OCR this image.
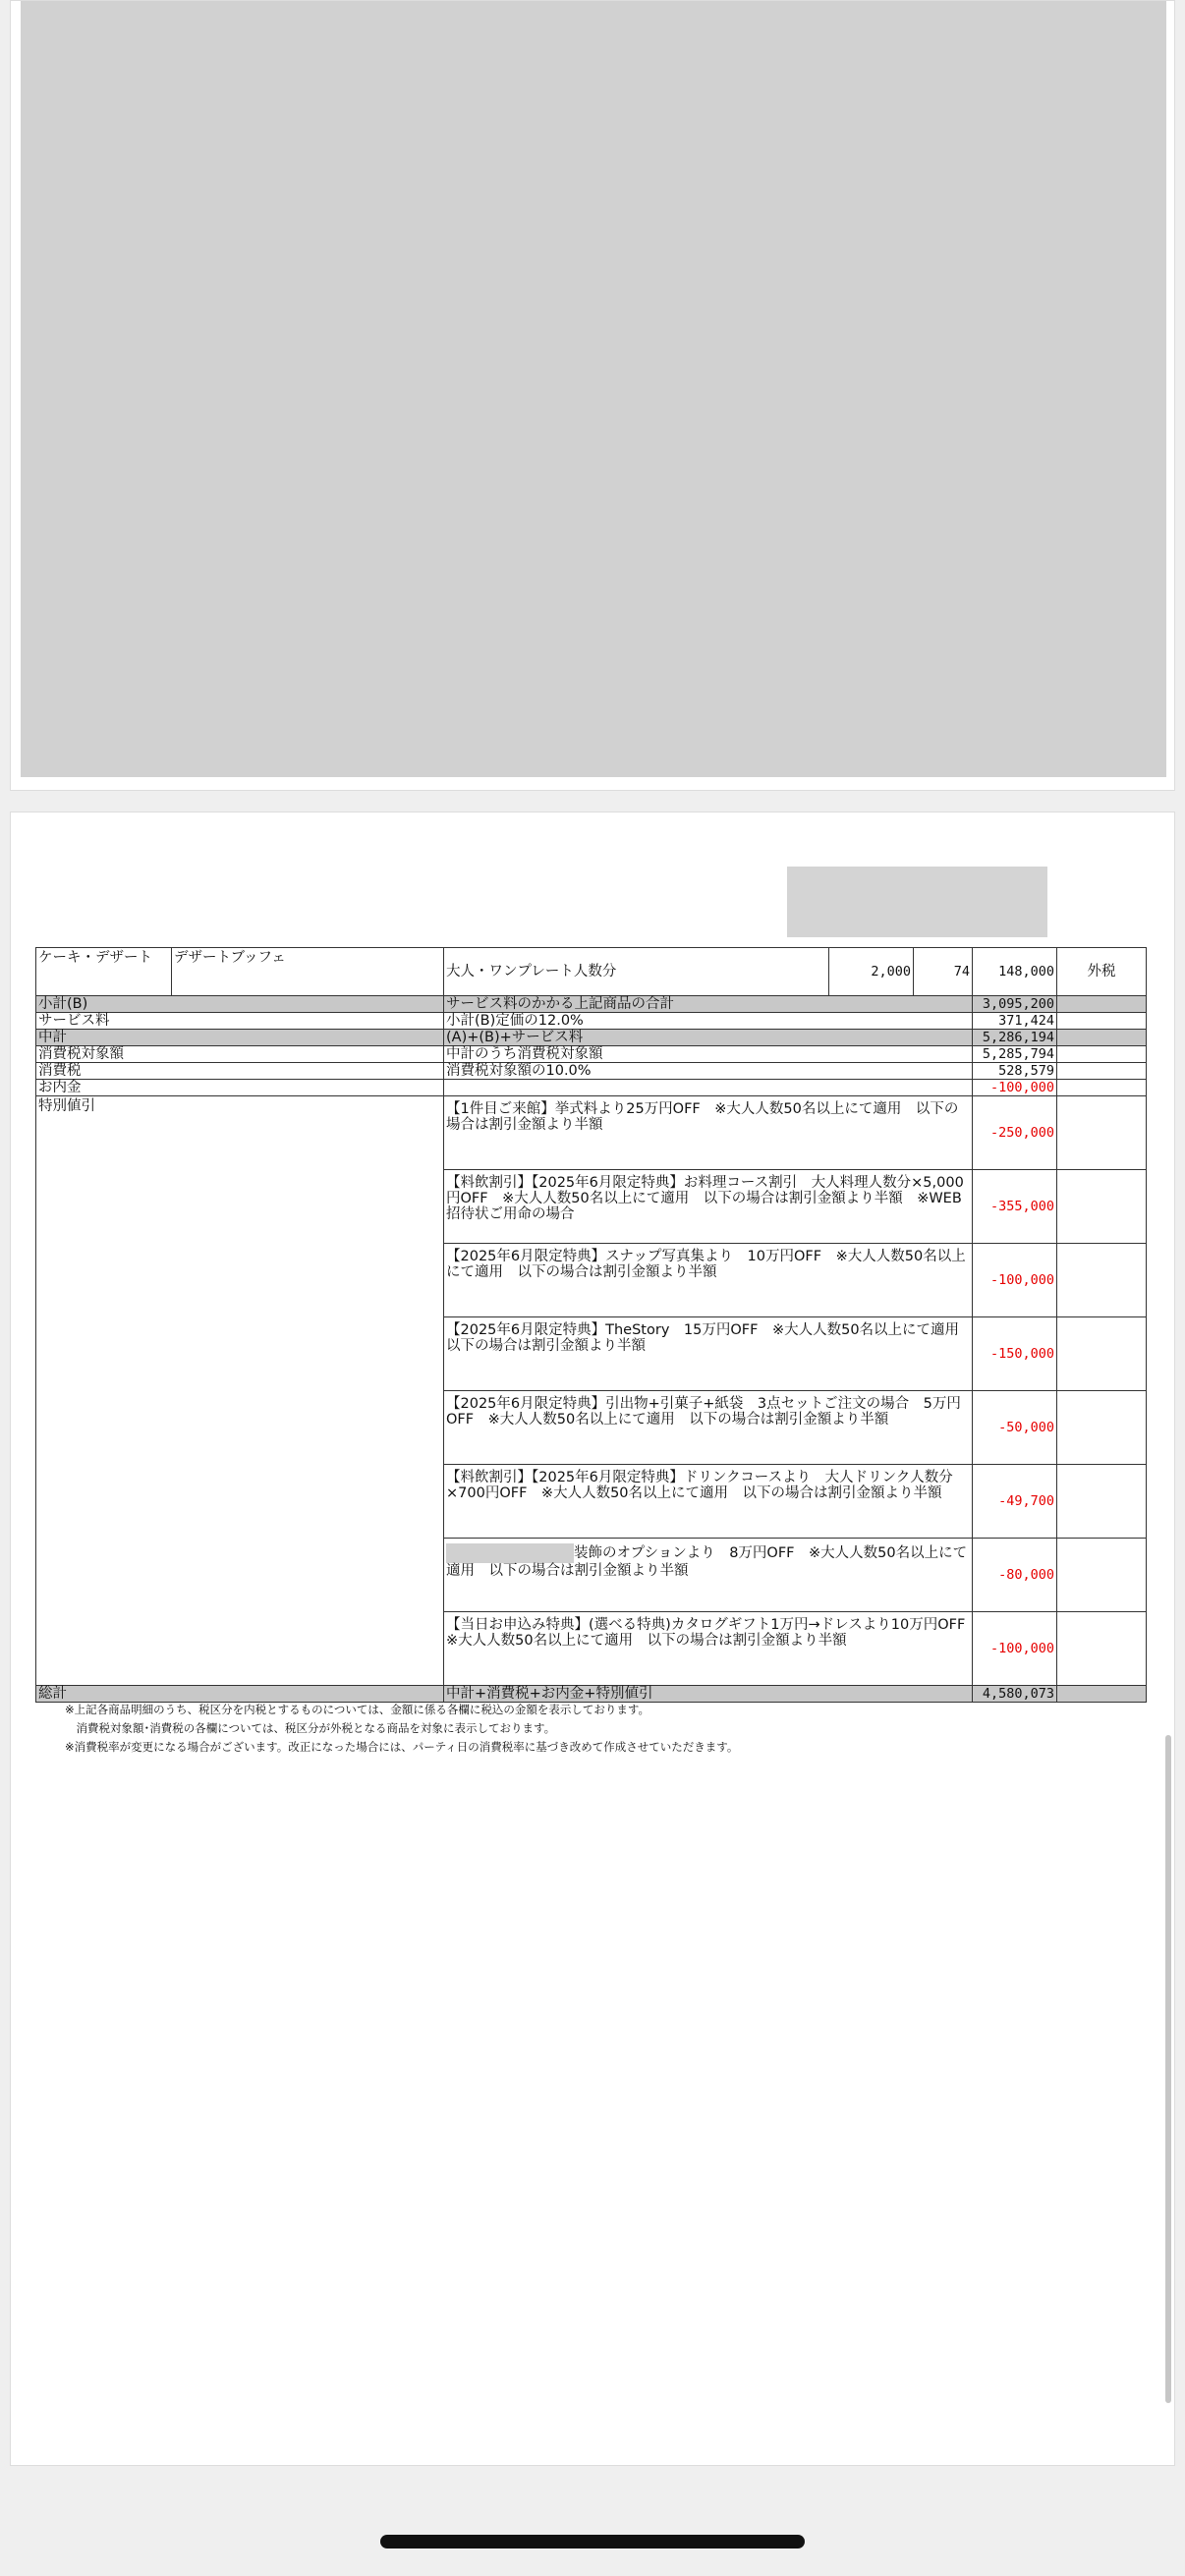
ケーキ・デザート	デザートブッフェ	大人・ワンプレート人数分	2,000	74	148,000	外税
小計(B)		サービス料のかかる上記商品の合計			3,095,200	
サービス料		小計(B)定価の12.0%			371,424	
中計		(A)+(B)+サービス料			5,286,194	
消費税対象額		中計のうち消費税対象額			5,285,794	
消費税		消費税対象額の10.0%			528,579	
お内金					-100,000	
特別値引		【1件目ご来館】挙式料より25万円OFF　※大人人数50名以上にて適用　以下の場合は割引金額より半額			-250,000	
		【料飲割引】【2025年6月限定特典】お料理コース割引　大人料理人数分×5,000円OFF　※大人人数50名以上にて適用　以下の場合は割引金額より半額　※WEB招待状ご用命の場合			-355,000	
		【2025年6月限定特典】スナップ写真集より　10万円OFF　※大人人数50名以上にて適用　以下の場合は割引金額より半額			-100,000	
		【2025年6月限定特典】TheStory　15万円OFF　※大人人数50名以上にて適用　以下の場合は割引金額より半額			-150,000	
		【2025年6月限定特典】引出物+引菓子+紙袋　3点セットご注文の場合　5万円OFF　※大人人数50名以上にて適用　以下の場合は割引金額より半額			-50,000	
		【料飲割引】【2025年6月限定特典】ドリンクコースより　大人ドリンク人数分×700円OFF　※大人人数50名以上にて適用　以下の場合は割引金額より半額			-49,700	
		装飾のオプションより　8万円OFF　※大人人数50名以上にて適用　以下の場合は割引金額より半額			-80,000	
		【当日お申込み特典】(選べる特典)カタログギフト1万円→ドレスより10万円OFF　※大人人数50名以上にて適用　以下の場合は割引金額より半額			-100,000	
総計		中計+消費税+お内金+特別値引			4,580,073	
※上記各商品明細のうち、税区分を内税とするものについては、金額に係る各欄に税込の金額を表示しております。
　消費税対象額･消費税の各欄については、税区分が外税となる商品を対象に表示しております。
※消費税率が変更になる場合がございます。改正になった場合には、パーティ日の消費税率に基づき改めて作成させていただきます。
